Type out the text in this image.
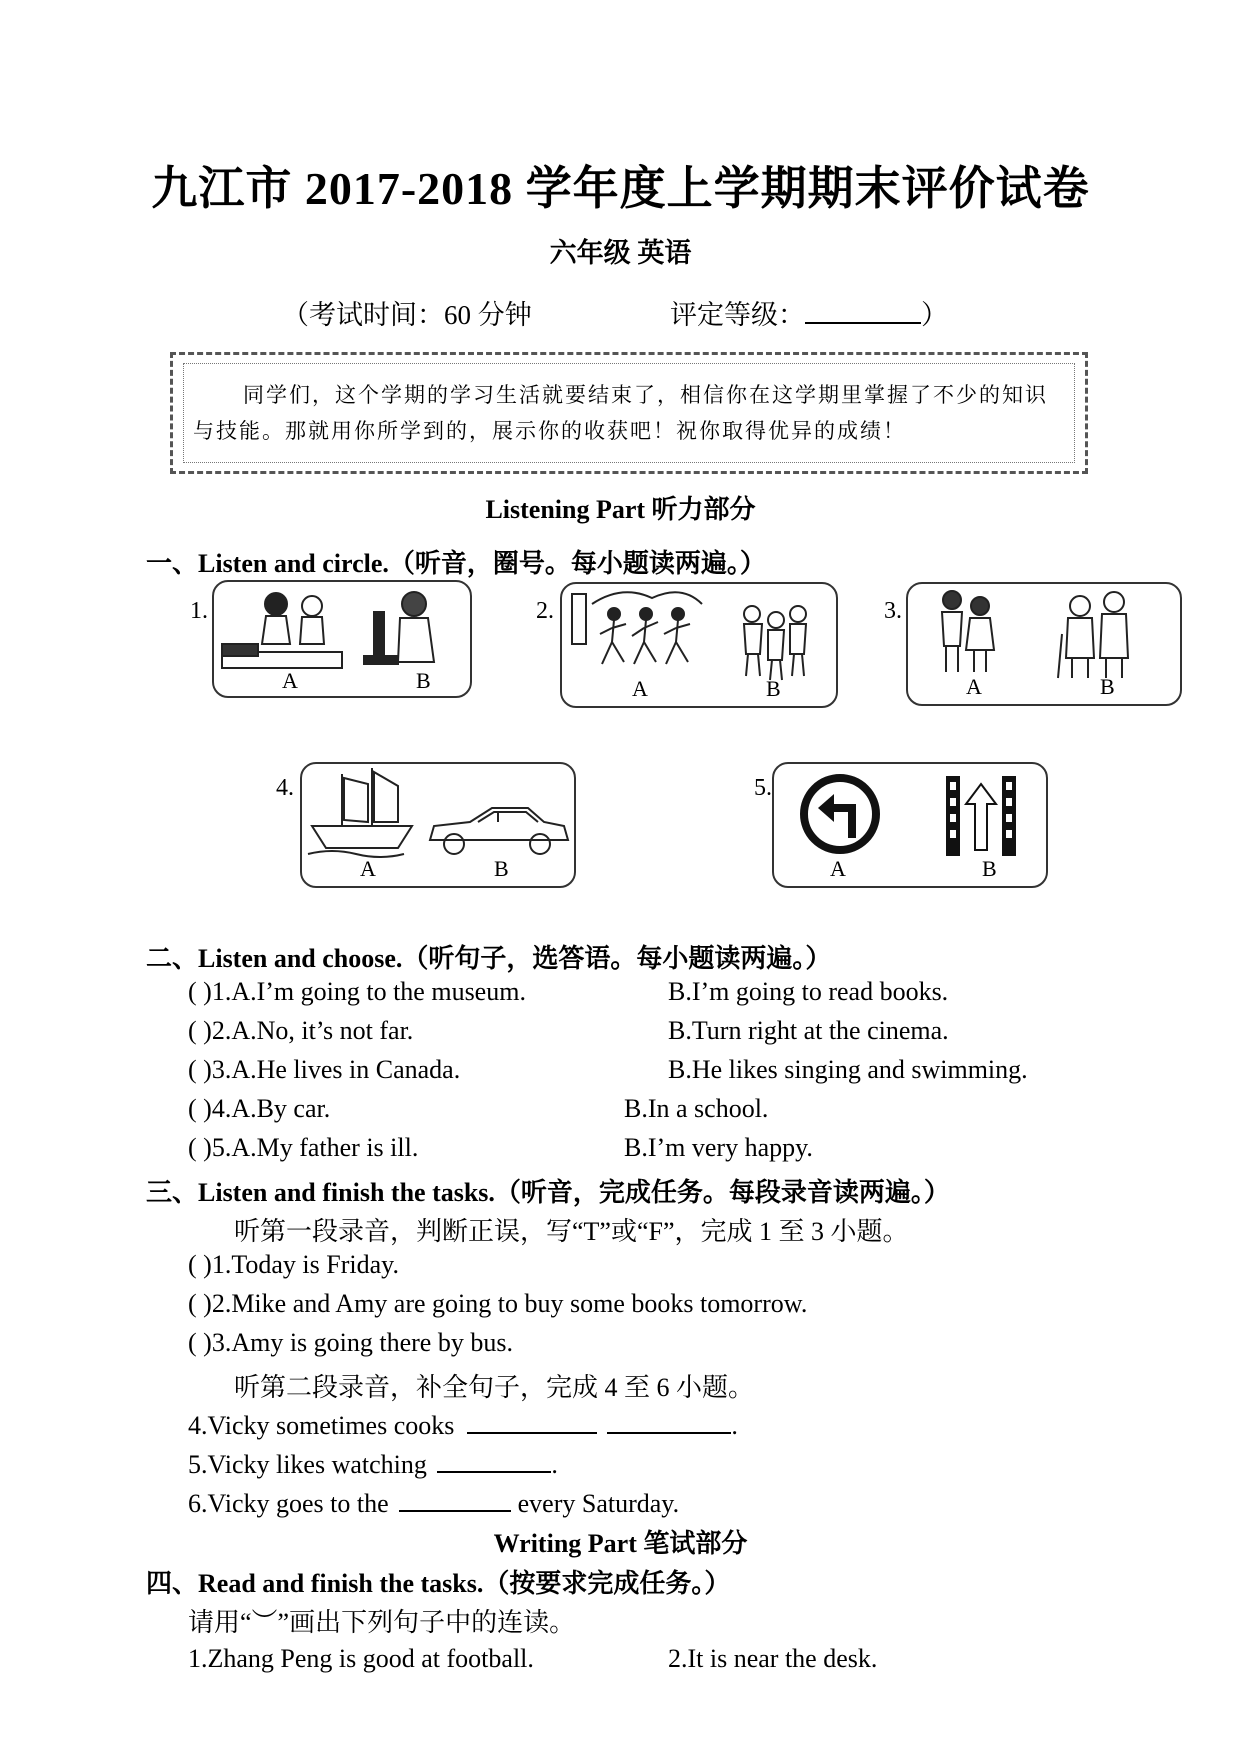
九江市 2017-2018 学年度上学期期末评价试卷
六年级 英语
（考试时间：60 分钟	评定等级：	）
同学们，这个学期的学习生活就要结束了，相信你在这学期里掌握了不少的知识与技能。那就用你所学到的，展示你的收获吧！祝你取得优异的成绩！
Listening Part 听力部分
一、Listen and circle.（听音，圈号。每小题读两遍。）
1.
A	B
2.
A	B
3.
A	B
4.
A	B
5.
A	B
二、Listen and choose.（听句子，选答语。每小题读两遍。）
( )1.A.I’m going to the museum.	B.I’m going to read books.
( )2.A.No, it’s not far.	B.Turn right at the cinema.
( )3.A.He lives in Canada.	B.He likes singing and swimming.
( )4.A.By car.	B.In a school.
( )5.A.My father is ill.	B.I’m very happy.
三、Listen and finish the tasks.（听音，完成任务。每段录音读两遍。）
听第一段录音，判断正误，写“T”或“F”，完成 1 至 3 小题。
( )1.Today is Friday.
( )2.Mike and Amy are going to buy some books tomorrow.
( )3.Amy is going there by bus.
听第二段录音，补全句子，完成 4 至 6 小题。
4.Vicky sometimes cooks	.
5.Vicky likes watching	.
6.Vicky goes to the	every Saturday.
Writing Part 笔试部分
四、Read and finish the tasks.（按要求完成任务。）
请用“︶”画出下列句子中的连读。
1.Zhang Peng is good at football.	2.It is near the desk.
